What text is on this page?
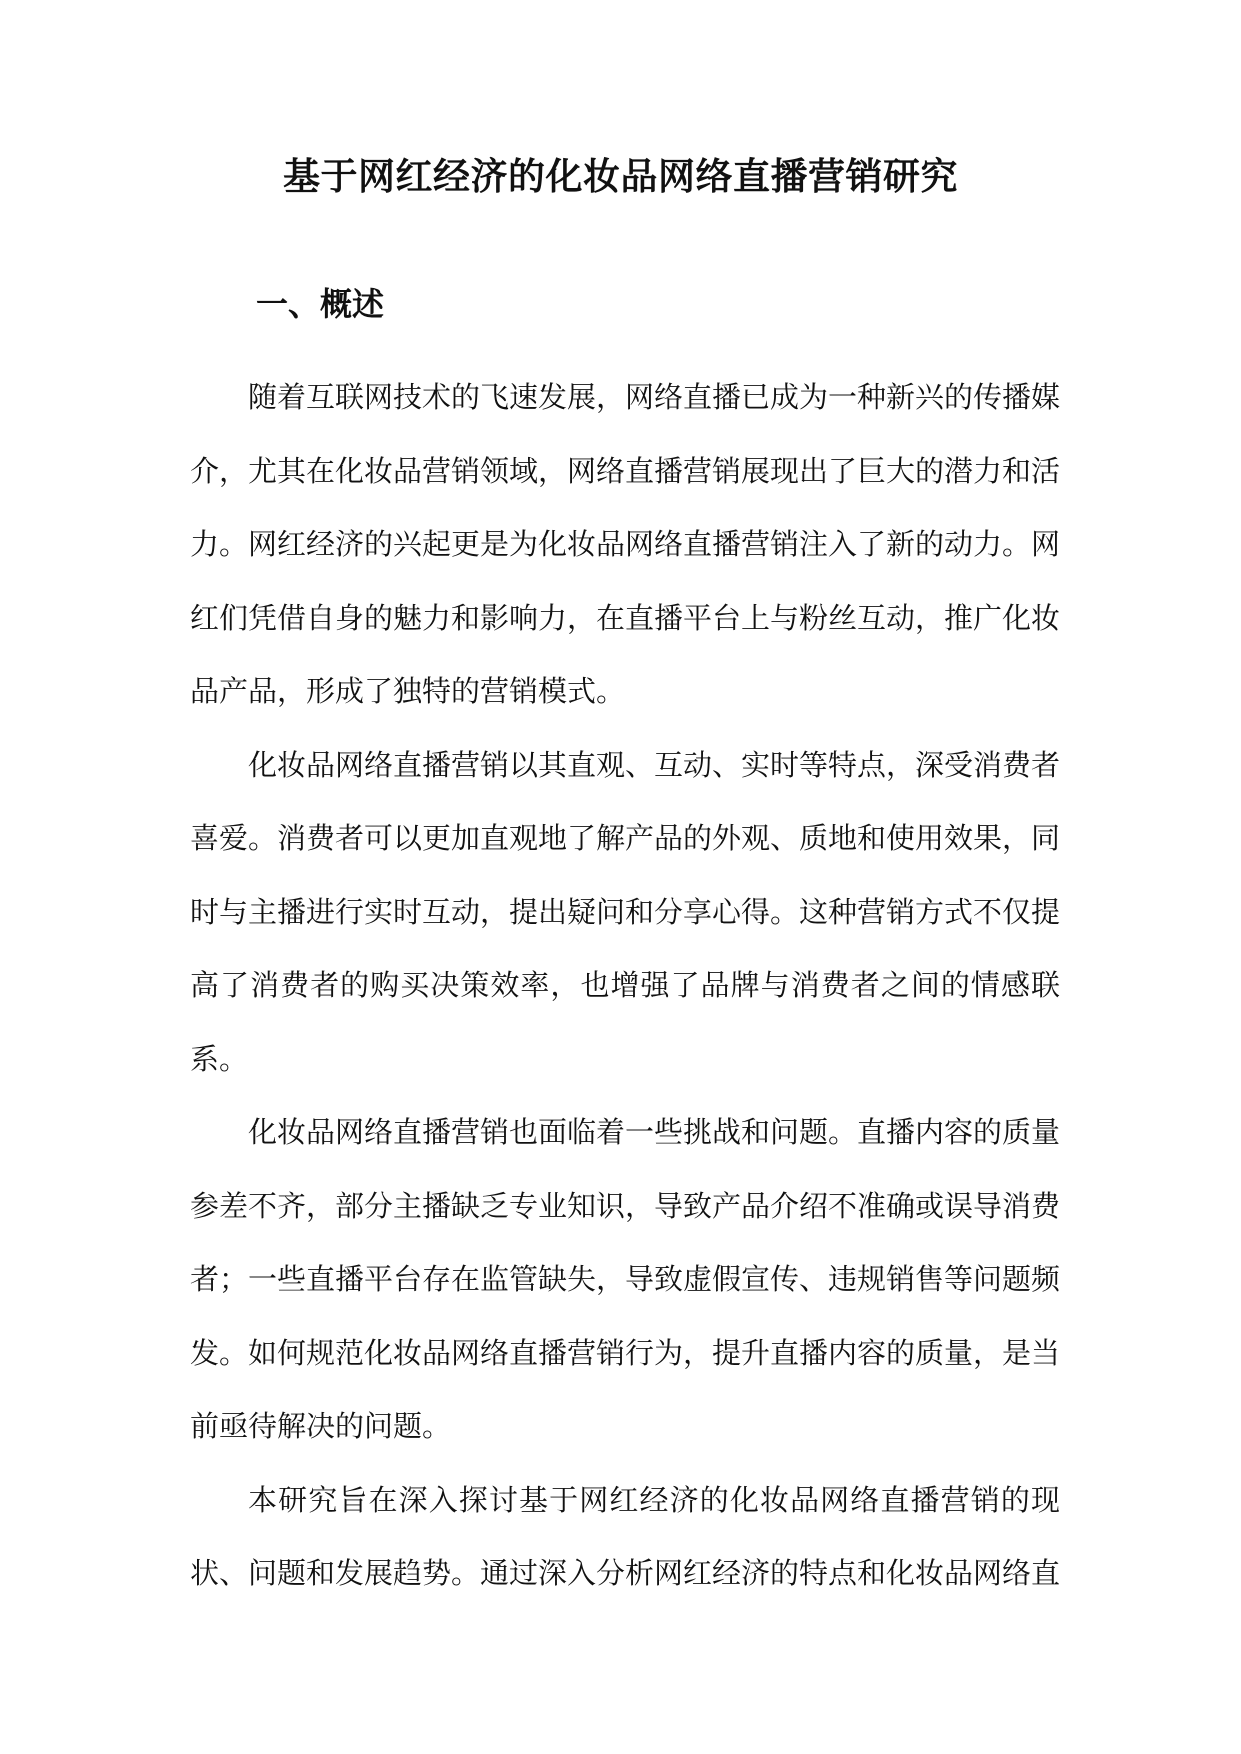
基于网红经济的化妆品网络直播营销研究
一、概述

随着互联网技术的飞速发展，网络直播已成为一种新兴的传播媒介，尤其在化妆品营销领域，网络直播营销展现出了巨大的潜力和活力。网红经济的兴起更是为化妆品网络直播营销注入了新的动力。网红们凭借自身的魅力和影响力，在直播平台上与粉丝互动，推广化妆品产品，形成了独特的营销模式。

化妆品网络直播营销以其直观、互动、实时等特点，深受消费者喜爱。消费者可以更加直观地了解产品的外观、质地和使用效果，同时与主播进行实时互动，提出疑问和分享心得。这种营销方式不仅提高了消费者的购买决策效率，也增强了品牌与消费者之间的情感联系。

化妆品网络直播营销也面临着一些挑战和问题。直播内容的质量参差不齐，部分主播缺乏专业知识，导致产品介绍不准确或误导消费者；一些直播平台存在监管缺失，导致虚假宣传、违规销售等问题频发。如何规范化妆品网络直播营销行为，提升直播内容的质量，是当前亟待解决的问题。

本研究旨在深入探讨基于网红经济的化妆品网络直播营销的现状、问题和发展趋势。通过深入分析网红经济的特点和化妆品网络直
